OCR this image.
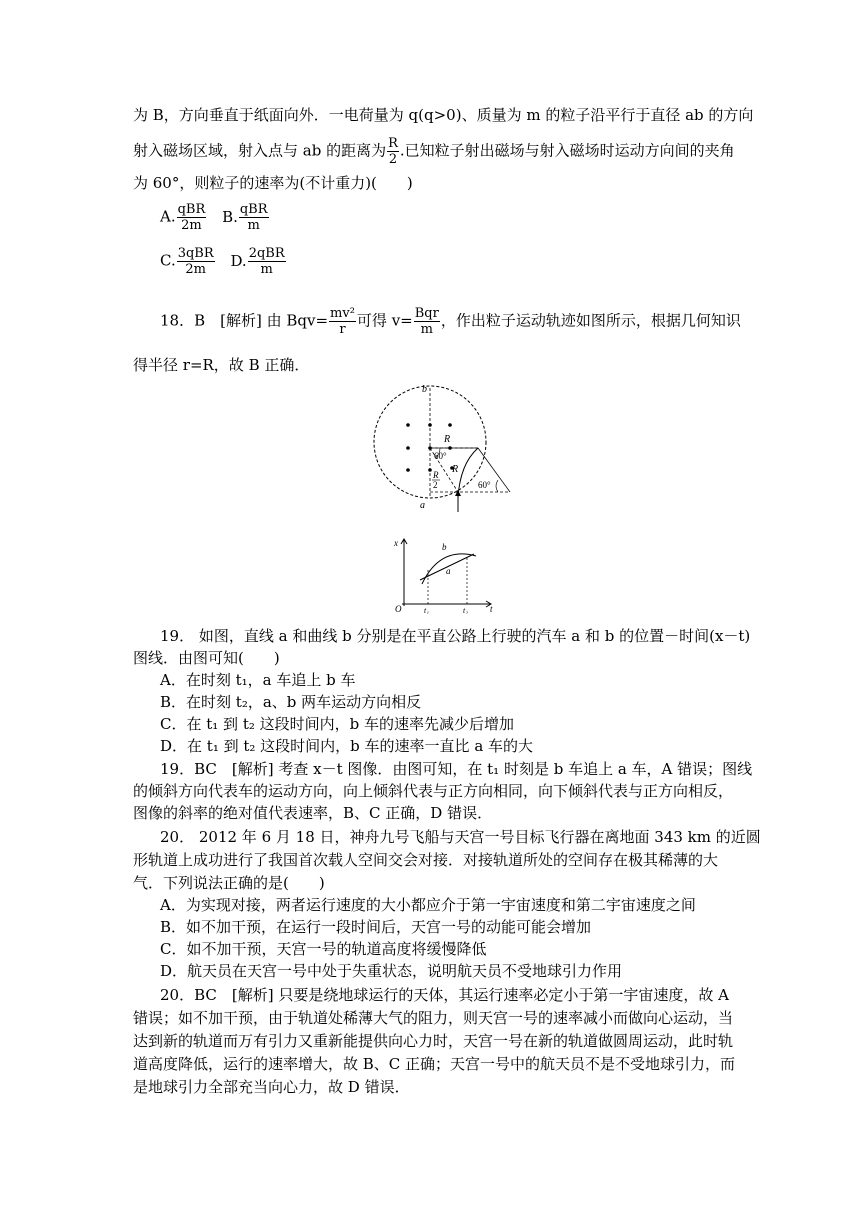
为 B，方向垂直于纸面向外．一电荷量为 q(q>0)、质量为 m 的粒子沿平行于直径 ab 的方向
射入磁场区域，射入点与 ab 的距离为 $\frac{R}{2}$ .已知粒子射出磁场与射入磁场时运动方向间的夹角
为 60°，则粒子的速率为(不计重力)(　　)
A. $\frac{\text{qBR}}{2m} B$. $\frac{\text{qBR}}{m}$
C. $\frac{\text{3qBR}}{2m} D$. $\frac{\text{2qBR}}{m}$
18．B　[解析] 由 $Bqv= \frac{\text{mv²}}{r}$ 可得 $v= \frac{\text{Bqr}}{m}$ ，作出粒子运动轨迹如图所示，根据几何知识
得半径 r=R，故 B 正确．
b
a
R
60°
R
R
2	60°
x
t
O
b
a
t₁	t₂
19． 如图，直线 a 和曲线 b 分别是在平直公路上行驶的汽车 a 和 b 的位置－时间(x－t)
图线．由图可知(　　)
A．在时刻 t₁，a 车追上 b 车
B．在时刻 t₂，a、b 两车运动方向相反
C．在 t₁ 到 t₂ 这段时间内，b 车的速率先减少后增加
D．在 t₁ 到 t₂ 这段时间内，b 车的速率一直比 a 车的大
19．BC　[解析] 考查 x－t 图像．由图可知，在 t₁ 时刻是 b 车追上 a 车，A 错误；图线
的倾斜方向代表车的运动方向，向上倾斜代表与正方向相同，向下倾斜代表与正方向相反，
图像的斜率的绝对值代表速率，B、C 正确，D 错误．
20． 2012 年 6 月 18 日，神舟九号飞船与天宫一号目标飞行器在离地面 343 km 的近圆
形轨道上成功进行了我国首次载人空间交会对接．对接轨道所处的空间存在极其稀薄的大
气．下列说法正确的是(　　)
A．为实现对接，两者运行速度的大小都应介于第一宇宙速度和第二宇宙速度之间
B．如不加干预，在运行一段时间后，天宫一号的动能可能会增加
C．如不加干预，天宫一号的轨道高度将缓慢降低
D．航天员在天宫一号中处于失重状态，说明航天员不受地球引力作用
20．BC　[解析] 只要是绕地球运行的天体，其运行速率必定小于第一宇宙速度，故 A
错误；如不加干预，由于轨道处稀薄大气的阻力，则天宫一号的速率减小而做向心运动，当
达到新的轨道而万有引力又重新能提供向心力时，天宫一号在新的轨道做圆周运动，此时轨
道高度降低，运行的速率增大，故 B、C 正确；天宫一号中的航天员不是不受地球引力，而
是地球引力全部充当向心力，故 D 错误．
